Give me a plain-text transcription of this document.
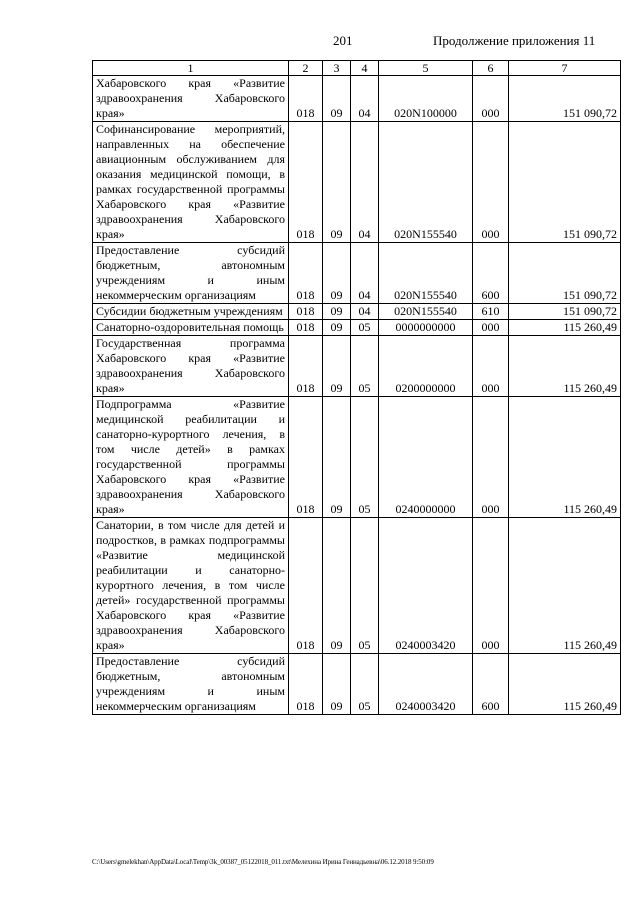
201	Продолжение приложения 11
1	2	3	4	5	6	7
Хабаровского края «Развитие здравоохранения Хабаровского края»	018	09	04	020N100000	000	151 090,72
Софинансирование мероприятий, направленных на обеспечение авиационным обслуживанием для оказания медицинской помощи, в рамках государственной программы Хабаровского края «Развитие здравоохранения Хабаровского края»	018	09	04	020N155540	000	151 090,72
Предоставление субсидий бюджетным, автономным учреждениям и иным некоммерческим организациям	018	09	04	020N155540	600	151 090,72
Субсидии бюджетным учреждениям	018	09	04	020N155540	610	151 090,72
Санаторно-оздоровительная помощь	018	09	05	0000000000	000	115 260,49
Государственная программа Хабаровского края «Развитие здравоохранения Хабаровского края»	018	09	05	0200000000	000	115 260,49
Подпрограмма «Развитие медицинской реабилитации и санаторно-курортного лечения, в том числе детей» в рамках государственной программы Хабаровского края «Развитие здравоохранения Хабаровского края»	018	09	05	0240000000	000	115 260,49
Санатории, в том числе для детей и подростков, в рамках подпрограммы «Развитие медицинской реабилитации и санаторно-курортного лечения, в том числе детей» государственной программы Хабаровского края «Развитие здравоохранения Хабаровского края»	018	09	05	0240003420	000	115 260,49
Предоставление субсидий бюджетным, автономным учреждениям и иным некоммерческим организациям	018	09	05	0240003420	600	115 260,49
C:\Users\gmelekhan\AppData\Local\Temp\3k_00387_05122018_011.txt\Мелехина Ирина Геннадьевна\06.12.2018 9:50:09
